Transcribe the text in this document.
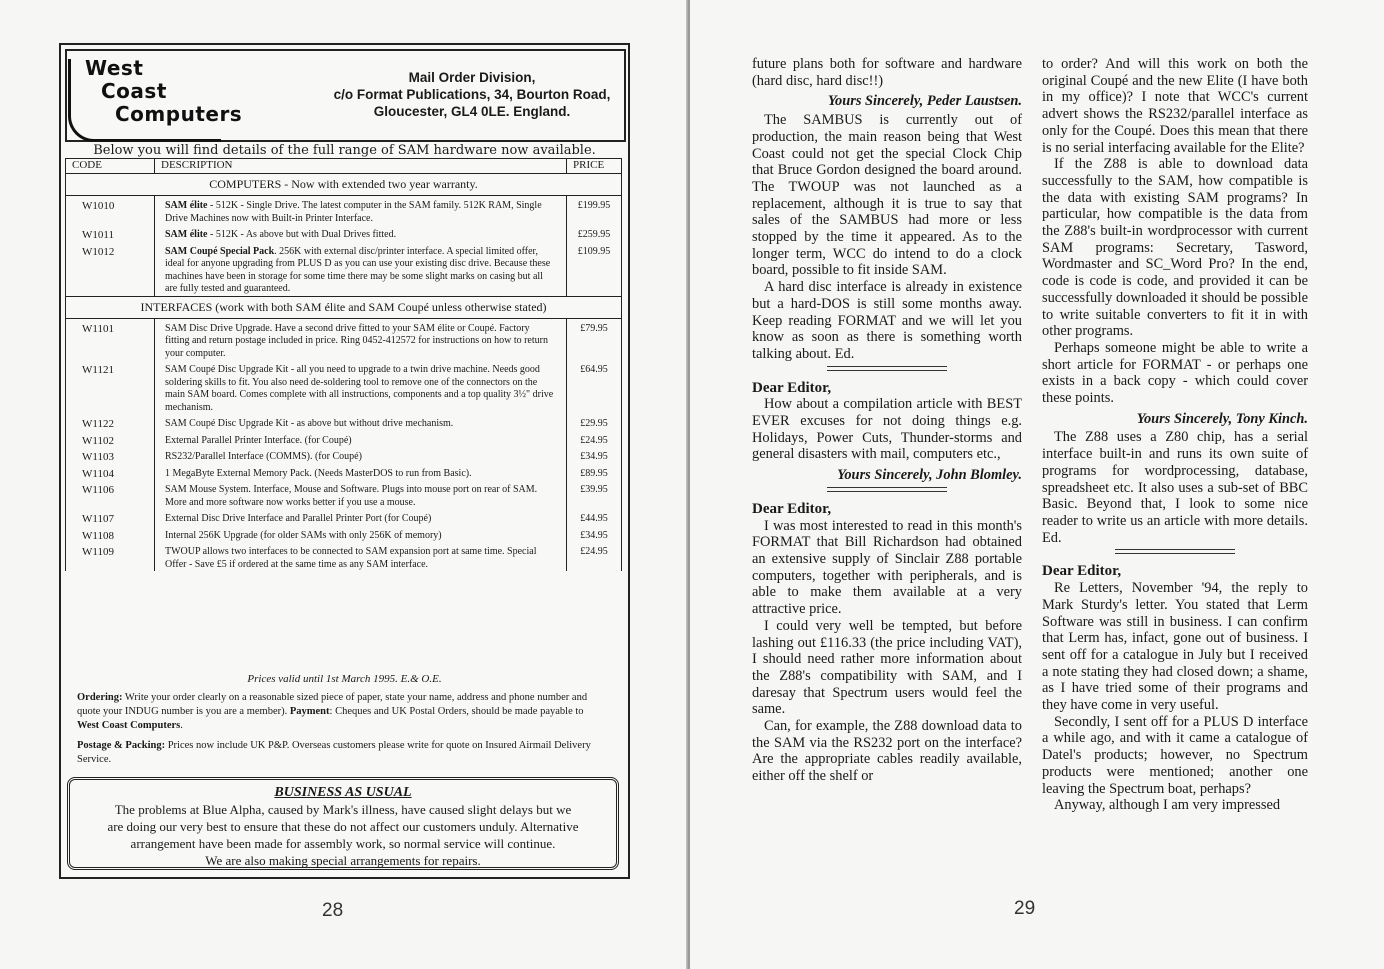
West
Coast
Computers
Mail Order Division,
c/o Format Publications, 34, Bourton Road,
Gloucester, GL4 0LE. England.
Below you will find details of the full range of SAM hardware now available.
CODE	DESCRIPTION	PRICE
COMPUTERS - Now with extended two year warranty.		
W1010	SAM élite - 512K - Single Drive. The latest computer in the SAM family. 512K RAM, Single Drive Machines now with Built-in Printer Interface.	£199.95
W1011	SAM élite - 512K - As above but with Dual Drives fitted.	£259.95
W1012	SAM Coupé Special Pack. 256K with external disc/printer interface. A special limited offer, ideal for anyone upgrading from PLUS D as you can use your existing disc drive. Because these machines have been in storage for some time there may be some slight marks on casing but all are fully tested and guaranteed.	£109.95
INTERFACES (work with both SAM élite and SAM Coupé unless otherwise stated)		
W1101	SAM Disc Drive Upgrade. Have a second drive fitted to your SAM élite or Coupé. Factory fitting and return postage included in price. Ring 0452-412572 for instructions on how to return your computer.	£79.95
W1121	SAM Coupé Disc Upgrade Kit - all you need to upgrade to a twin drive machine. Needs good soldering skills to fit. You also need de-soldering tool to remove one of the connectors on the main SAM board. Comes complete with all instructions, components and a top quality 3½" drive mechanism.	£64.95
W1122	SAM Coupé Disc Upgrade Kit - as above but without drive mechanism.	£29.95
W1102	External Parallel Printer Interface. (for Coupé)	£24.95
W1103	RS232/Parallel Interface (COMMS). (for Coupé)	£34.95
W1104	1 MegaByte External Memory Pack. (Needs MasterDOS to run from Basic).	£89.95
W1106	SAM Mouse System. Interface, Mouse and Software. Plugs into mouse port on rear of SAM. More and more software now works better if you use a mouse.	£39.95
W1107	External Disc Drive Interface and Parallel Printer Port (for Coupé)	£44.95
W1108	Internal 256K Upgrade (for older SAMs with only 256K of memory)	£34.95
W1109	TWOUP allows two interfaces to be connected to SAM expansion port at same time. Special Offer - Save £5 if ordered at the same time as any SAM interface.	£24.95
Prices valid until 1st March 1995. E.& O.E.
Ordering: Write your order clearly on a reasonable sized piece of paper, state your name, address and phone number and quote your INDUG number is you are a member). Payment: Cheques and UK Postal Orders, should be made payable to West Coast Computers.
Postage & Packing: Prices now include UK P&P. Overseas customers please write for quote on Insured Airmail Delivery Service.
BUSINESS AS USUAL
The problems at Blue Alpha, caused by Mark's illness, have caused slight delays but we
are doing our very best to ensure that these do not affect our customers unduly. Alternative
arrangement have been made for assembly work, so normal service will continue.
We are also making special arrangements for repairs.
28

future plans both for software and hardware (hard disc, hard disc!!)

Yours Sincerely, Peder Laustsen.

The SAMBUS is currently out of production, the main reason being that West Coast could not get the special Clock Chip that Bruce Gordon designed the board around. The TWOUP was not launched as a replacement, although it is true to say that sales of the SAMBUS had more or less stopped by the time it appeared. As to the longer term, WCC do intend to do a clock board, possible to fit inside SAM.

A hard disc interface is already in existence but a hard-DOS is still some months away. Keep reading FORMAT and we will let you know as soon as there is something worth talking about. Ed.

Dear Editor,

How about a compilation article with BEST EVER excuses for not doing things e.g. Holidays, Power Cuts, Thunder-storms and general disasters with mail, computers etc.,

Yours Sincerely, John Blomley.

Dear Editor,

I was most interested to read in this month's FORMAT that Bill Richardson had obtained an extensive supply of Sinclair Z88 portable computers, together with peripherals, and is able to make them available at a very attractive price.

I could very well be tempted, but before lashing out £116.33 (the price including VAT), I should need rather more information about the Z88's compatibility with SAM, and I daresay that Spectrum users would feel the same.

Can, for example, the Z88 download data to the SAM via the RS232 port on the interface? Are the appropriate cables readily available, either off the shelf or

to order? And will this work on both the original Coupé and the new Elite (I have both in my office)? I note that WCC's current advert shows the RS232/parallel interface as only for the Coupé. Does this mean that there is no serial interfacing available for the Elite?

If the Z88 is able to download data successfully to the SAM, how compatible is the data with existing SAM programs? In particular, how compatible is the data from the Z88's built-in wordprocessor with current SAM programs: Secretary, Tasword, Wordmaster and SC_Word Pro? In the end, code is code is code, and provided it can be successfully downloaded it should be possible to write suitable converters to fit it in with other programs.

Perhaps someone might be able to write a short article for FORMAT - or perhaps one exists in a back copy - which could cover these points.

Yours Sincerely, Tony Kinch.

The Z88 uses a Z80 chip, has a serial interface built-in and runs its own suite of programs for wordprocessing, database, spreadsheet etc. It also uses a sub-set of BBC Basic. Beyond that, I look to some nice reader to write us an article with more details. Ed.

Dear Editor,

Re Letters, November '94, the reply to Mark Sturdy's letter. You stated that Lerm Software was still in business. I can confirm that Lerm has, infact, gone out of business. I sent off for a catalogue in July but I received a note stating they had closed down; a shame, as I have tried some of their programs and they have come in very useful.

Secondly, I sent off for a PLUS D interface a while ago, and with it came a catalogue of Datel's products; however, no Spectrum products were mentioned; another one leaving the Spectrum boat, perhaps?

Anyway, although I am very impressed

29
